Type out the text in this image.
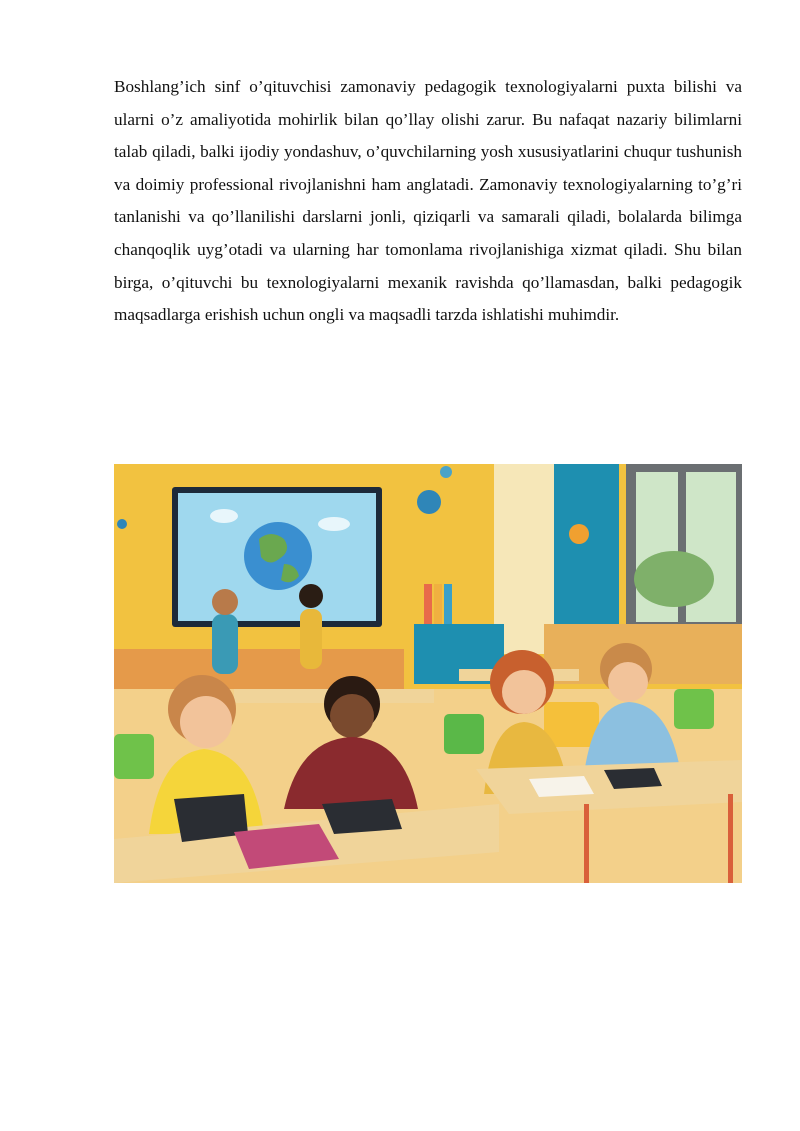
Boshlang’ich sinf o’qituvchisi zamonaviy pedagogik texnologiyalarni puxta bilishi va ularni o’z amaliyotida mohirlik bilan qo’llay olishi zarur. Bu nafaqat nazariy bilimlarni talab qiladi, balki ijodiy yondashuv, o’quvchilarning yosh xususiyatlarini chuqur tushunish va doimiy professional rivojlanishni ham anglatadi. Zamonaviy texnologiyalarning to’g’ri tanlanishi va qo’llanilishi darslarni jonli, qiziqarli va samarali qiladi, bolalarda bilimga chanqoqlik uyg’otadi va ularning har tomonlama rivojlanishiga xizmat qiladi. Shu bilan birga, o’qituvchi bu texnologiyalarni mexanik ravishda qo’llamasdan, balki pedagogik maqsadlarga erishish uchun ongli va maqsadli tarzda ishlatishi muhimdir.
